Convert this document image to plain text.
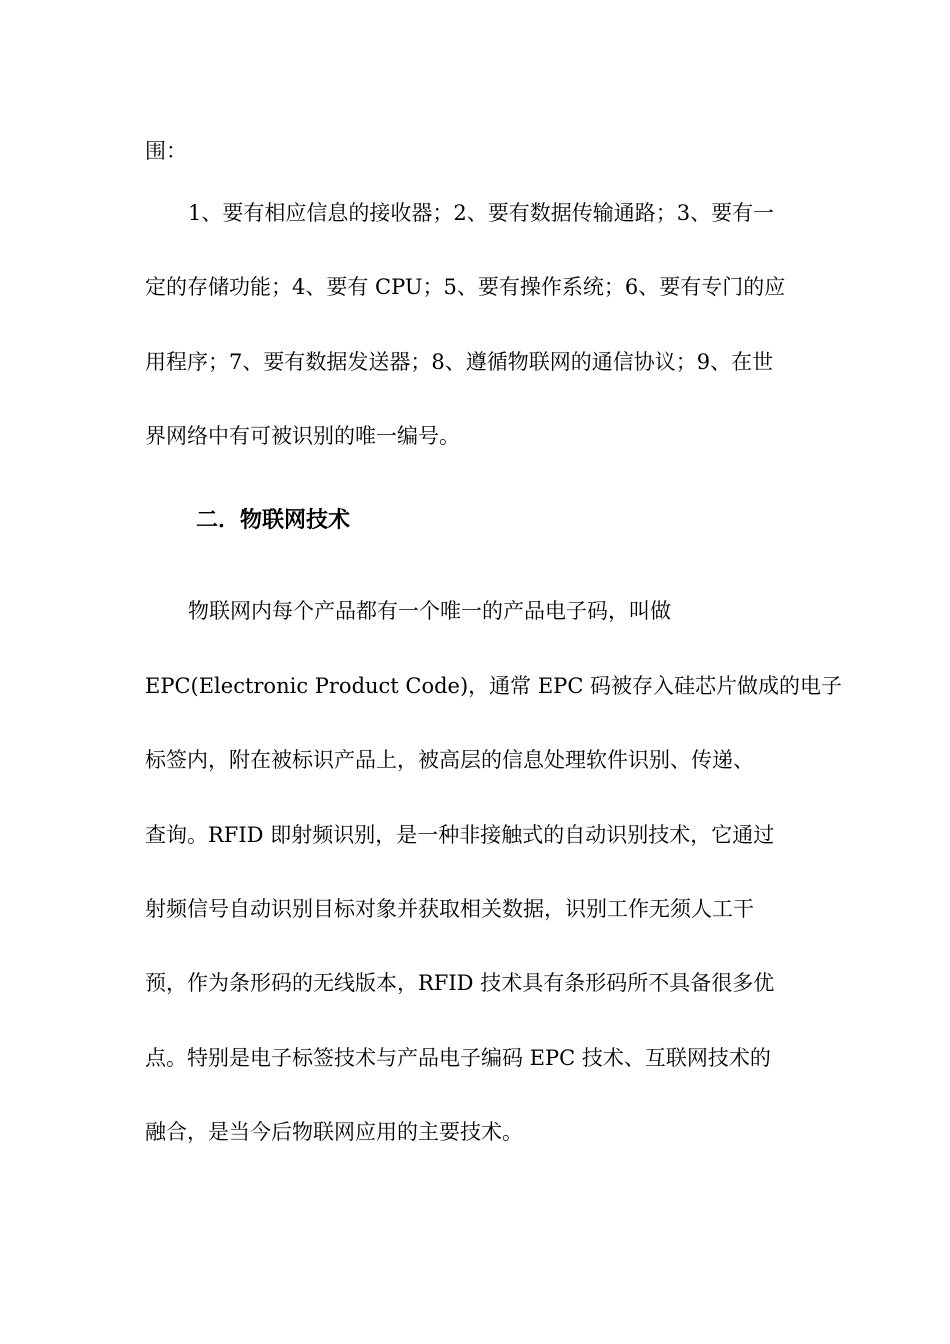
围：
1、要有相应信息的接收器；2、要有数据传输通路；3、要有一
定的存储功能；4、要有 CPU；5、要有操作系统；6、要有专门的应
用程序；7、要有数据发送器；8、遵循物联网的通信协议；9、在世
界网络中有可被识别的唯一编号。
二．物联网技术
物联网内每个产品都有一个唯一的产品电子码，叫做
EPC(Electronic Product Code)，通常 EPC 码被存入硅芯片做成的电子
标签内，附在被标识产品上，被高层的信息处理软件识别、传递、
查询。RFID 即射频识别，是一种非接触式的自动识别技术，它通过
射频信号自动识别目标对象并获取相关数据，识别工作无须人工干
预，作为条形码的无线版本，RFID 技术具有条形码所不具备很多优
点。特别是电子标签技术与产品电子编码 EPC 技术、互联网技术的
融合，是当今后物联网应用的主要技术。
